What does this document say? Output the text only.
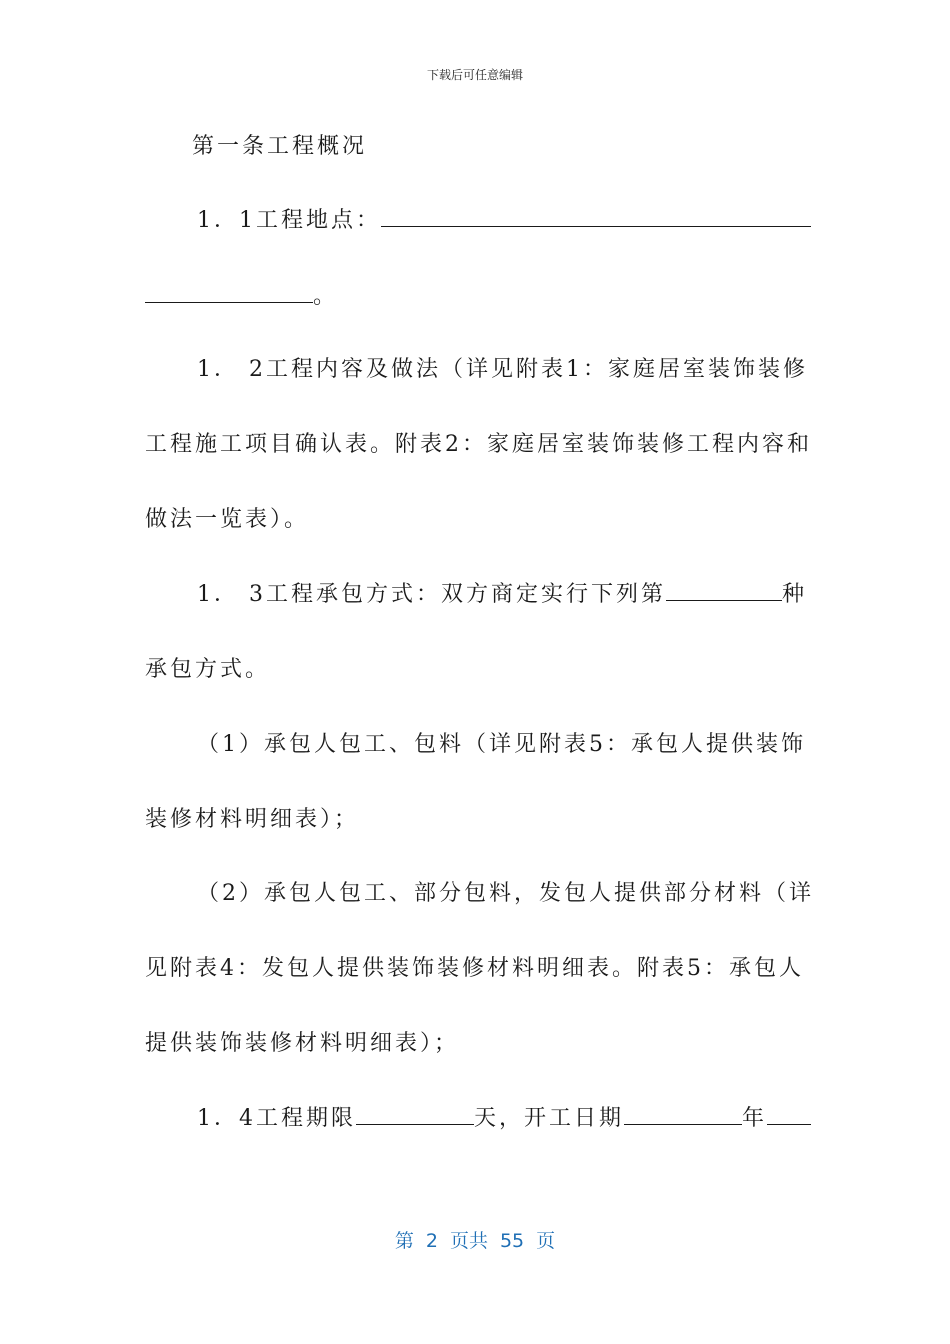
下载后可任意编辑
第一条工程概况
1．1工程地点：
。
1． 2工程内容及做法（详见附表1：家庭居室装饰装修
工程施工项目确认表。附表2：家庭居室装饰装修工程内容和
做法一览表）。
1． 3工程承包方式：双方商定实行下列第	种
承包方式。
（1）承包人包工、包料（详见附表5：承包人提供装饰
装修材料明细表）；
（2）承包人包工、部分包料，发包人提供部分材料（详
见附表4：发包人提供装饰装修材料明细表。附表5：承包人
提供装饰装修材料明细表）；
1．4工程期限	天，开工日期	年
第 2 页共 55 页
